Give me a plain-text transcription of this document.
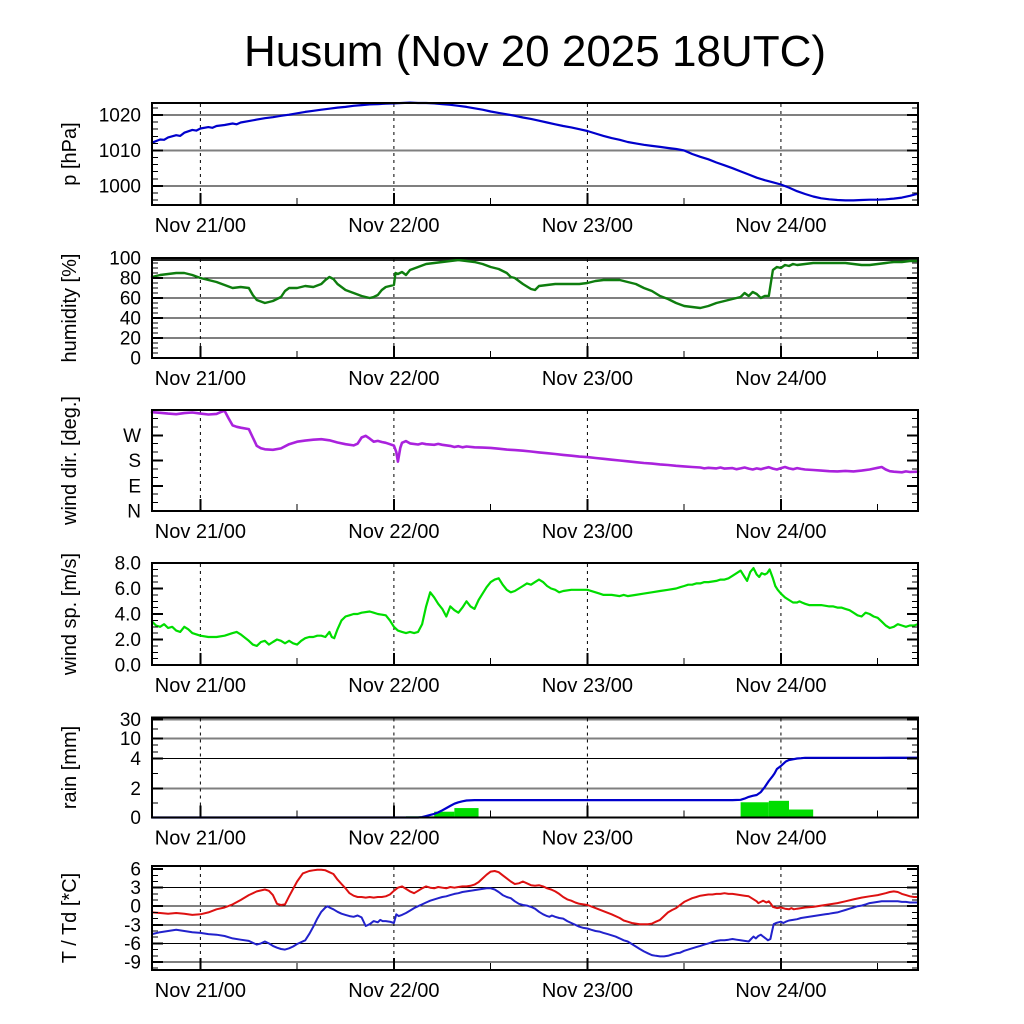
Husum (Nov 20 2025 18UTC)
1000
1010
1020
Nov 21/00	Nov 22/00	Nov 23/00	Nov 24/00
p [hPa]
0
20
40
60
80
100
Nov 21/00	Nov 22/00	Nov 23/00	Nov 24/00
humidity [%]
N
E
S
W
Nov 21/00	Nov 22/00	Nov 23/00	Nov 24/00
wind dir. [deg.]
0.0
2.0
4.0
6.0
8.0
Nov 21/00	Nov 22/00	Nov 23/00	Nov 24/00
wind sp. [m/s]
0
2
4
10
30
Nov 21/00	Nov 22/00	Nov 23/00	Nov 24/00
rain [mm]
6
3
0
-3
-6
-9
Nov 21/00	Nov 22/00	Nov 23/00	Nov 24/00
T / Td [*C]
